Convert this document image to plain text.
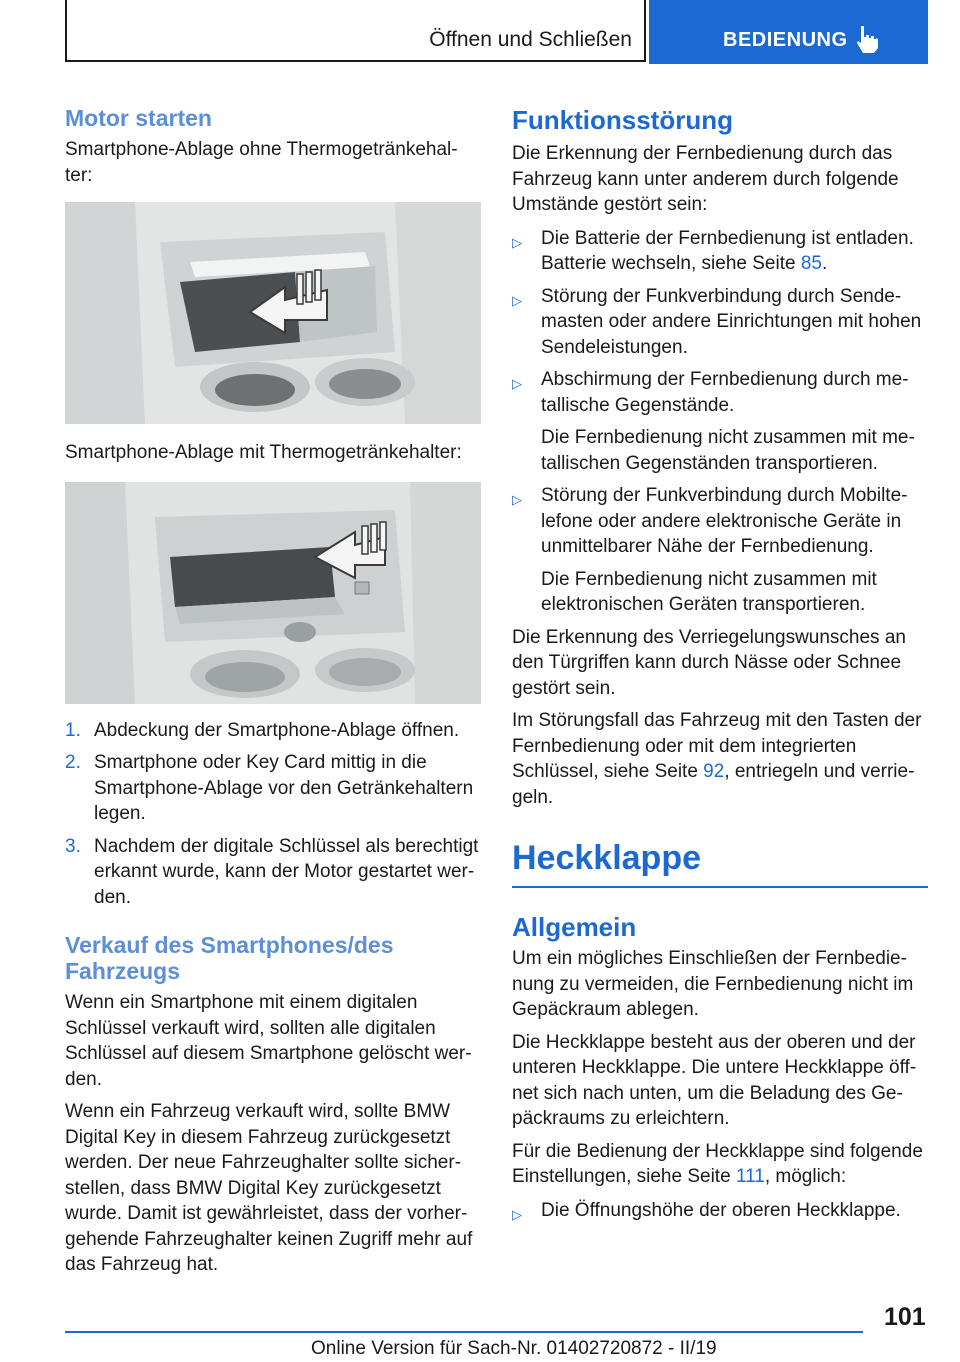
Öffnen und Schließen	BEDIENUNG
Motor starten

Smartphone-Ablage ohne Thermogetränkehal-ter:

Smartphone-Ablage mit Thermogetränkehalter:

1. Abdeckung der Smartphone-Ablage öffnen.
2. Smartphone oder Key Card mittig in die Smartphone-Ablage vor den Getränkehaltern legen.
3. Nachdem der digitale Schlüssel als berechtigt erkannt wurde, kann der Motor gestartet wer-den.
Verkauf des Smartphones/des Fahrzeugs

Wenn ein Smartphone mit einem digitalen Schlüssel verkauft wird, sollten alle digitalen Schlüssel auf diesem Smartphone gelöscht wer-den.

Wenn ein Fahrzeug verkauft wird, sollte BMW Digital Key in diesem Fahrzeug zurückgesetzt werden. Der neue Fahrzeughalter sollte sicher-stellen, dass BMW Digital Key zurückgesetzt wurde. Damit ist gewährleistet, dass der vorher-gehende Fahrzeughalter keinen Zugriff mehr auf das Fahrzeug hat.

Funktionsstörung

Die Erkennung der Fernbedienung durch das Fahrzeug kann unter anderem durch folgende Umstände gestört sein:

▷ Die Batterie der Fernbedienung ist entladen. Batterie wechseln, siehe Seite 85.
▷ Störung der Funkverbindung durch Sende-masten oder andere Einrichtungen mit hohen Sendeleistungen.
▷ Abschirmung der Fernbedienung durch me-tallische Gegenstände.
Die Fernbedienung nicht zusammen mit me-tallischen Gegenständen transportieren.
▷ Störung der Funkverbindung durch Mobilte-lefone oder andere elektronische Geräte in unmittelbarer Nähe der Fernbedienung.
Die Fernbedienung nicht zusammen mit elektronischen Geräten transportieren.

Die Erkennung des Verriegelungswunsches an den Türgriffen kann durch Nässe oder Schnee gestört sein.

Im Störungsfall das Fahrzeug mit den Tasten der Fernbedienung oder mit dem integrierten Schlüssel, siehe Seite 92, entriegeln und verrie-geln.

Heckklappe
Allgemein

Um ein mögliches Einschließen der Fernbedie-nung zu vermeiden, die Fernbedienung nicht im Gepäckraum ablegen.

Die Heckklappe besteht aus der oberen und der unteren Heckklappe. Die untere Heckklappe öff-net sich nach unten, um die Beladung des Ge-päckraums zu erleichtern.

Für die Bedienung der Heckklappe sind folgende Einstellungen, siehe Seite 111, möglich:

▷ Die Öffnungshöhe der oberen Heckklappe.
101
Online Version für Sach-Nr. 01402720872 - II/19
